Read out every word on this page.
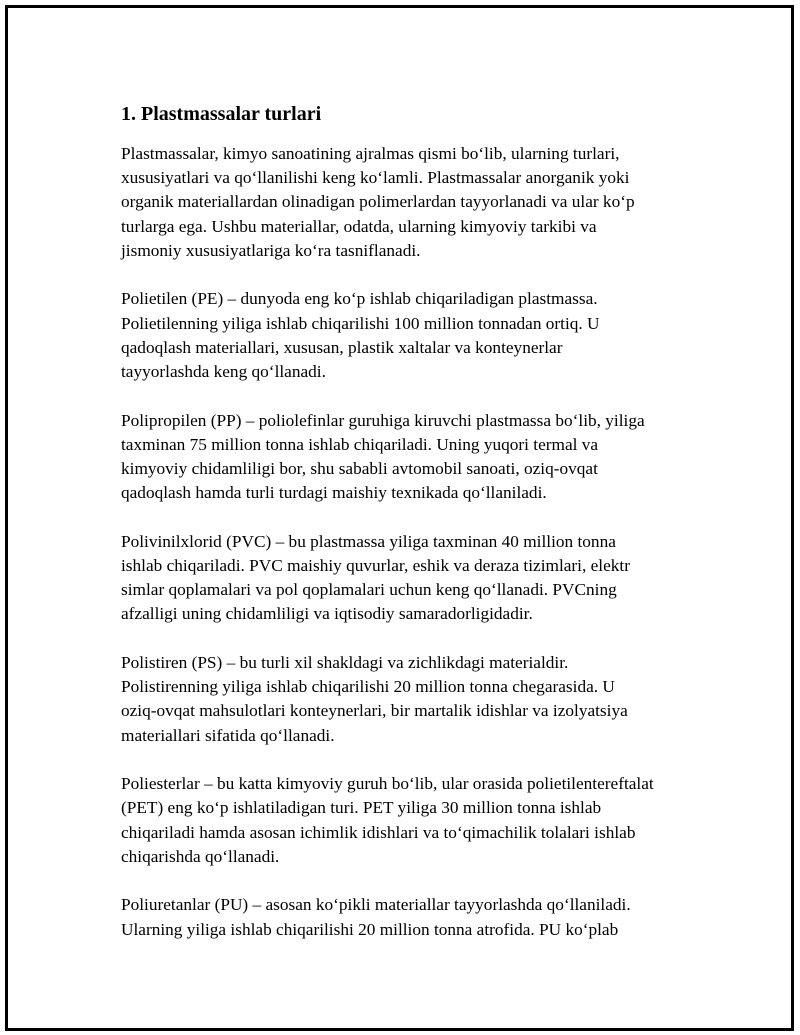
1. Plastmassalar turlari
Plastmassalar, kimyo sanoatining ajralmas qismi bo‘lib, ularning turlari,
xususiyatlari va qo‘llanilishi keng ko‘lamli. Plastmassalar anorganik yoki
organik materiallardan olinadigan polimerlardan tayyorlanadi va ular ko‘p
turlarga ega. Ushbu materiallar, odatda, ularning kimyoviy tarkibi va
jismoniy xususiyatlariga ko‘ra tasniflanadi.
Polietilen (PE) – dunyoda eng ko‘p ishlab chiqariladigan plastmassa.
Polietilenning yiliga ishlab chiqarilishi 100 million tonnadan ortiq. U
qadoqlash materiallari, xususan, plastik xaltalar va konteynerlar
tayyorlashda keng qo‘llanadi.
Polipropilen (PP) – poliolefinlar guruhiga kiruvchi plastmassa bo‘lib, yiliga
taxminan 75 million tonna ishlab chiqariladi. Uning yuqori termal va
kimyoviy chidamliligi bor, shu sababli avtomobil sanoati, oziq-ovqat
qadoqlash hamda turli turdagi maishiy texnikada qo‘llaniladi.
Polivinilxlorid (PVC) – bu plastmassa yiliga taxminan 40 million tonna
ishlab chiqariladi. PVC maishiy quvurlar, eshik va deraza tizimlari, elektr
simlar qoplamalari va pol qoplamalari uchun keng qo‘llanadi. PVCning
afzalligi uning chidamliligi va iqtisodiy samaradorligidadir.
Polistiren (PS) – bu turli xil shakldagi va zichlikdagi materialdir.
Polistirenning yiliga ishlab chiqarilishi 20 million tonna chegarasida. U
oziq-ovqat mahsulotlari konteynerlari, bir martalik idishlar va izolyatsiya
materiallari sifatida qo‘llanadi.
Poliesterlar – bu katta kimyoviy guruh bo‘lib, ular orasida polietilentereftalat
(PET) eng ko‘p ishlatiladigan turi. PET yiliga 30 million tonna ishlab
chiqariladi hamda asosan ichimlik idishlari va to‘qimachilik tolalari ishlab
chiqarishda qo‘llanadi.
Poliuretanlar (PU) – asosan ko‘pikli materiallar tayyorlashda qo‘llaniladi.
Ularning yiliga ishlab chiqarilishi 20 million tonna atrofida. PU ko‘plab
